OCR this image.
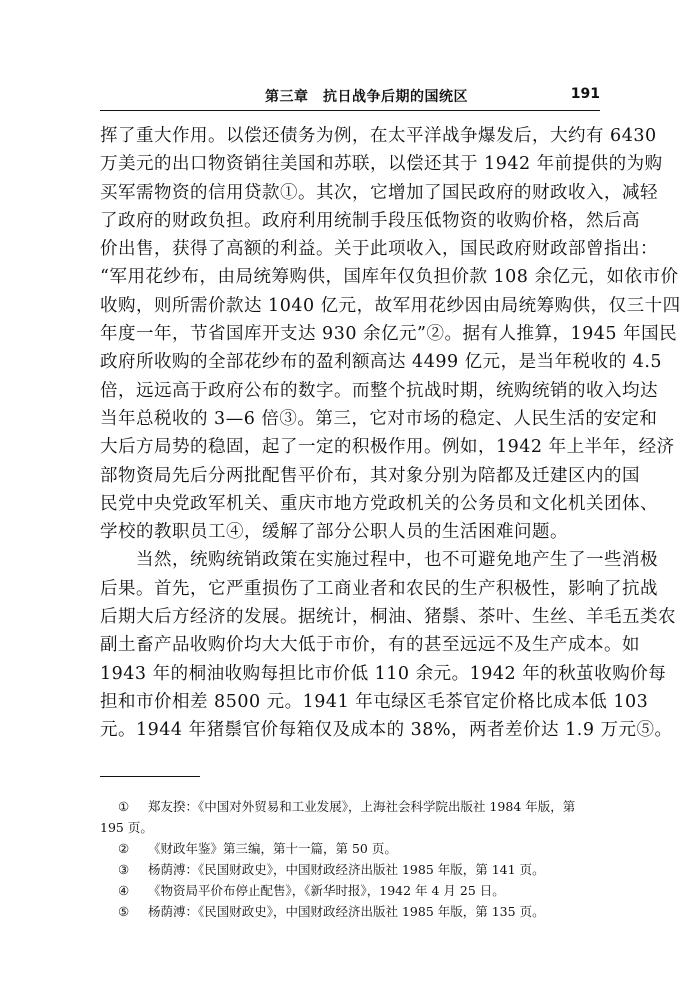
第三章　抗日战争后期的国统区	191
挥了重大作用。以偿还债务为例，在太平洋战争爆发后，大约有 6430
万美元的出口物资销往美国和苏联，以偿还其于 1942 年前提供的为购
买军需物资的信用贷款①。其次，它增加了国民政府的财政收入，减轻
了政府的财政负担。政府利用统制手段压低物资的收购价格，然后高
价出售，获得了高额的利益。关于此项收入，国民政府财政部曾指出：
“军用花纱布，由局统筹购供，国库年仅负担价款 108 余亿元，如依市价
收购，则所需价款达 1040 亿元，故军用花纱因由局统筹购供，仅三十四
年度一年，节省国库开支达 930 余亿元”②。据有人推算，1945 年国民
政府所收购的全部花纱布的盈利额高达 4499 亿元，是当年税收的 4.5
倍，远远高于政府公布的数字。而整个抗战时期，统购统销的收入均达
当年总税收的 3—6 倍③。第三，它对市场的稳定、人民生活的安定和
大后方局势的稳固，起了一定的积极作用。例如，1942 年上半年，经济
部物资局先后分两批配售平价布，其对象分别为陪都及迁建区内的国
民党中央党政军机关、重庆市地方党政机关的公务员和文化机关团体、
学校的教职员工④，缓解了部分公职人员的生活困难问题。
当然，统购统销政策在实施过程中，也不可避免地产生了一些消极
后果。首先，它严重损伤了工商业者和农民的生产积极性，影响了抗战
后期大后方经济的发展。据统计，桐油、猪鬃、茶叶、生丝、羊毛五类农
副土畜产品收购价均大大低于市价，有的甚至远远不及生产成本。如
1943 年的桐油收购每担比市价低 110 余元。1942 年的秋茧收购价每
担和市价相差 8500 元。1941 年屯绿区毛茶官定价格比成本低 103
元。1944 年猪鬃官价每箱仅及成本的 38%，两者差价达 1.9 万元⑤。
① 郑友揆：《中国对外贸易和工业发展》，上海社会科学院出版社 1984 年版，第
195 页。
② 《财政年鉴》第三编，第十一篇，第 50 页。
③ 杨荫溥：《民国财政史》，中国财政经济出版社 1985 年版，第 141 页。
④ 《物资局平价布停止配售》，《新华时报》，1942 年 4 月 25 日。
⑤ 杨荫溥：《民国财政史》，中国财政经济出版社 1985 年版，第 135 页。
